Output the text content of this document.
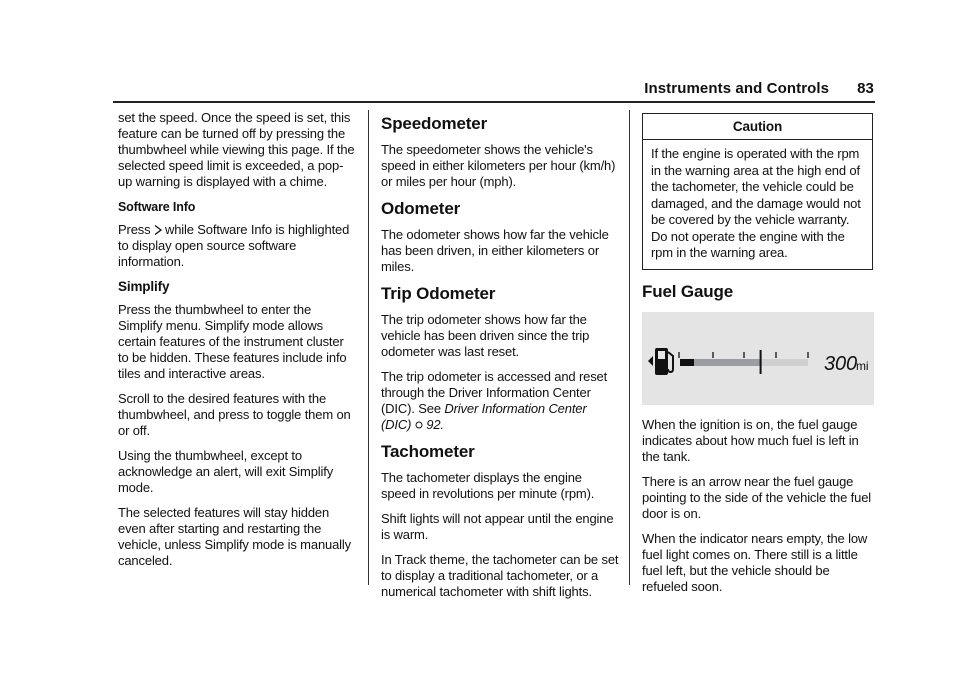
Instruments and Controls 83

set the speed. Once the speed is set, this feature can be turned off by pressing the thumbwheel while viewing this page. If the selected speed limit is exceeded, a pop-up warning is displayed with a chime.

Software Info

Press while Software Info is highlighted to display open source software information.

Simplify

Press the thumbwheel to enter the Simplify menu. Simplify mode allows certain features of the instrument cluster to be hidden. These features include info tiles and interactive areas.

Scroll to the desired features with the thumbwheel, and press to toggle them on or off.

Using the thumbwheel, except to acknowledge an alert, will exit Simplify mode.

The selected features will stay hidden even after starting and restarting the vehicle, unless Simplify mode is manually canceled.

Speedometer

The speedometer shows the vehicle's speed in either kilometers per hour (km/h) or miles per hour (mph).

Odometer

The odometer shows how far the vehicle has been driven, in either kilometers or miles.

Trip Odometer

The trip odometer shows how far the vehicle has been driven since the trip odometer was last reset.

The trip odometer is accessed and reset through the Driver Information Center (DIC). See Driver Information Center (DIC) 92.

Tachometer

The tachometer displays the engine speed in revolutions per minute (rpm).

Shift lights will not appear until the engine is warm.

In Track theme, the tachometer can be set to display a traditional tachometer, or a numerical tachometer with shift lights.

Caution
If the engine is operated with the rpm in the warning area at the high end of the tachometer, the vehicle could be damaged, and the damage would not be covered by the vehicle warranty. Do not operate the engine with the rpm in the warning area.
Fuel Gauge
300 mi

When the ignition is on, the fuel gauge indicates about how much fuel is left in the tank.

There is an arrow near the fuel gauge pointing to the side of the vehicle the fuel door is on.

When the indicator nears empty, the low fuel light comes on. There still is a little fuel left, but the vehicle should be refueled soon.
